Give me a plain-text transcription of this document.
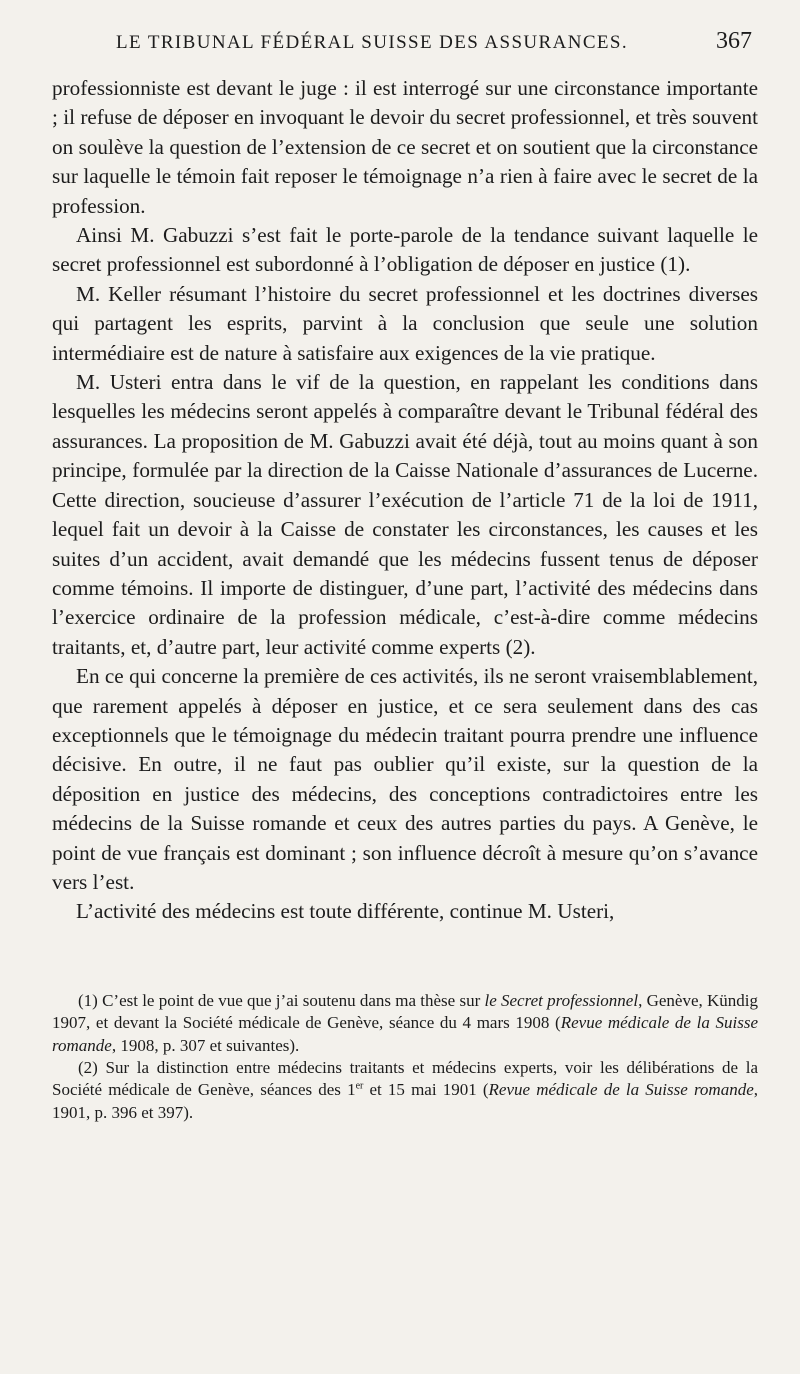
LE TRIBUNAL FÉDÉRAL SUISSE DES ASSURANCES.	367

professionniste est devant le juge : il est interrogé sur une circonstance importante ; il refuse de déposer en invoquant le devoir du secret professionnel, et très souvent on soulève la question de l’extension de ce secret et on soutient que la circonstance sur laquelle le témoin fait reposer le témoignage n’a rien à faire avec le secret de la profession.

Ainsi M. Gabuzzi s’est fait le porte-parole de la tendance suivant laquelle le secret professionnel est subordonné à l’obligation de déposer en justice (1).

M. Keller résumant l’histoire du secret professionnel et les doctrines diverses qui partagent les esprits, parvint à la conclusion que seule une solution intermédiaire est de nature à satisfaire aux exigences de la vie pratique.

M. Usteri entra dans le vif de la question, en rappelant les conditions dans lesquelles les médecins seront appelés à comparaître devant le Tribunal fédéral des assurances. La proposition de M. Gabuzzi avait été déjà, tout au moins quant à son principe, formulée par la direction de la Caisse Nationale d’assurances de Lucerne. Cette direction, soucieuse d’assurer l’exécution de l’article 71 de la loi de 1911, lequel fait un devoir à la Caisse de constater les circonstances, les causes et les suites d’un accident, avait demandé que les médecins fussent tenus de déposer comme témoins. Il importe de distinguer, d’une part, l’activité des médecins dans l’exercice ordinaire de la profession médicale, c’est-à-dire comme médecins traitants, et, d’autre part, leur activité comme experts (2).

En ce qui concerne la première de ces activités, ils ne seront vraisemblablement, que rarement appelés à déposer en justice, et ce sera seulement dans des cas exceptionnels que le témoignage du médecin traitant pourra prendre une influence décisive. En outre, il ne faut pas oublier qu’il existe, sur la question de la déposition en justice des médecins, des conceptions contradictoires entre les médecins de la Suisse romande et ceux des autres parties du pays. A Genève, le point de vue français est dominant ; son influence décroît à mesure qu’on s’avance vers l’est.

L’activité des médecins est toute différente, continue M. Usteri,

(1) C’est le point de vue que j’ai soutenu dans ma thèse sur le Secret professionnel, Genève, Kündig 1907, et devant la Société médicale de Genève, séance du 4 mars 1908 (Revue médicale de la Suisse romande, 1908, p. 307 et suivantes).

(2) Sur la distinction entre médecins traitants et médecins experts, voir les délibérations de la Société médicale de Genève, séances des 1er et 15 mai 1901 (Revue médicale de la Suisse romande, 1901, p. 396 et 397).
